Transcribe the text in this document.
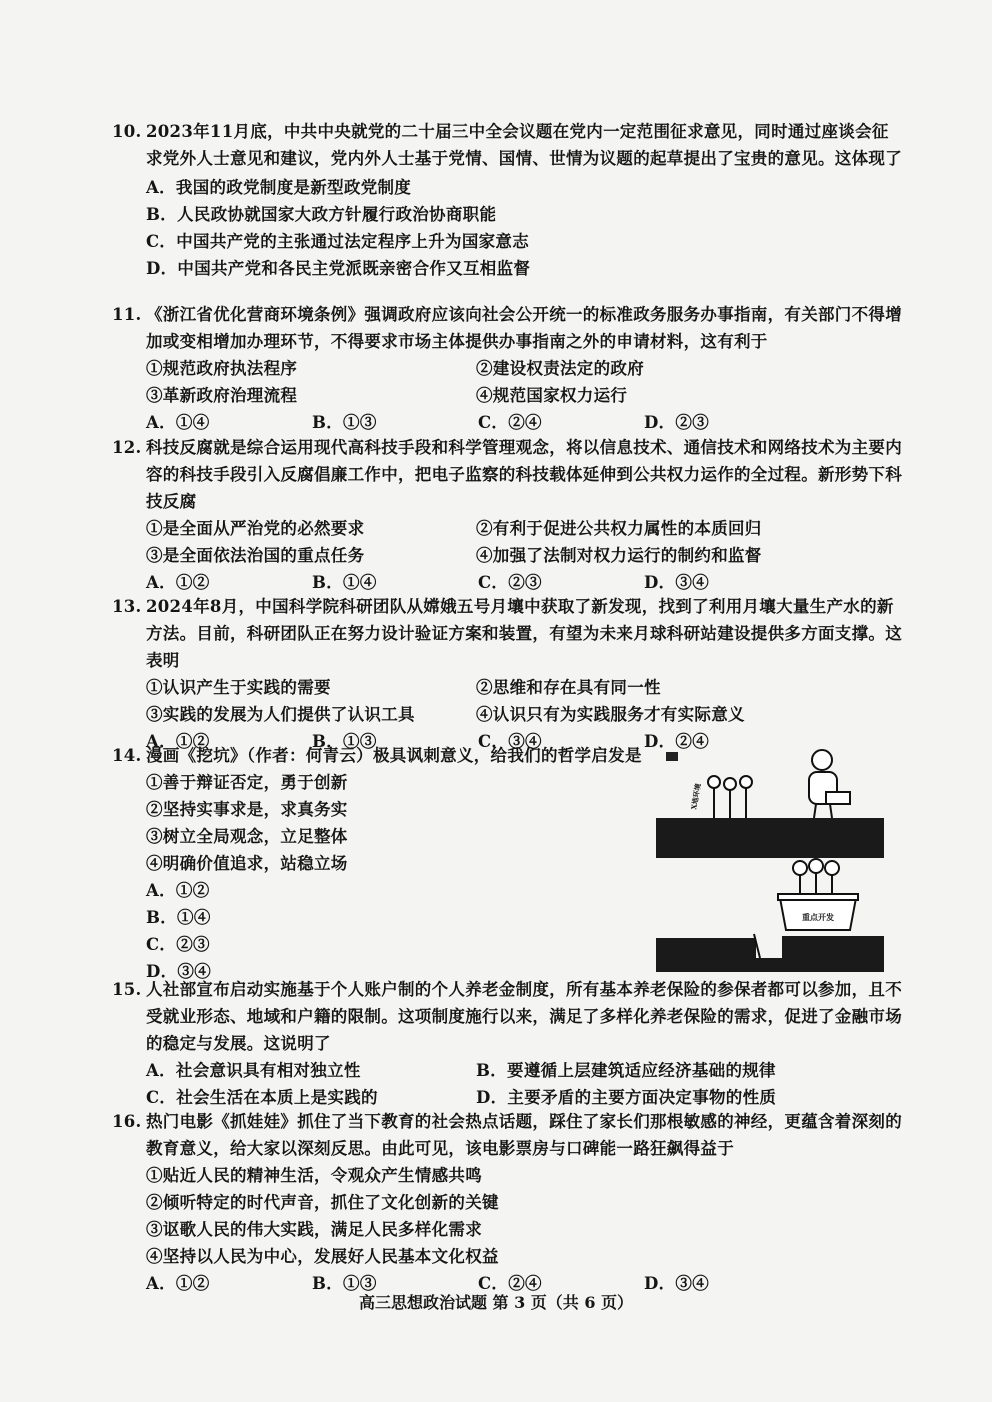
10. 2023年11月底，中共中央就党的二十届三中全会议题在党内一定范围征求意见，同时通过座谈会征求党外人士意见和建议，党内外人士基于党情、国情、世情为议题的起草提出了宝贵的意见。这体现了
A．我国的政党制度是新型政党制度
B．人民政协就国家大政方针履行政治协商职能
C．中国共产党的主张通过法定程序上升为国家意志
D．中国共产党和各民主党派既亲密合作又互相监督
11. 《浙江省优化营商环境条例》强调政府应该向社会公开统一的标准政务服务办事指南，有关部门不得增加或变相增加办理环节，不得要求市场主体提供办事指南之外的申请材料，这有利于
①规范政府执法程序	②建设权责法定的政府
③革新政府治理流程	④规范国家权力运行
A．①④	B．①③	C．②④	D．②③
12. 科技反腐就是综合运用现代高科技手段和科学管理观念，将以信息技术、通信技术和网络技术为主要内容的科技手段引入反腐倡廉工作中，把电子监察的科技载体延伸到公共权力运作的全过程。新形势下科技反腐
①是全面从严治党的必然要求	②有利于促进公共权力属性的本质回归
③是全面依法治国的重点任务	④加强了法制对权力运行的制约和监督
A．①②	B．①④	C．②③	D．③④
13. 2024年8月，中国科学院科研团队从嫦娥五号月壤中获取了新发现，找到了利用月壤大量生产水的新方法。目前，科研团队正在努力设计验证方案和装置，有望为未来月球科研站建设提供多方面支撑。这表明
①认识产生于实践的需要	②思维和存在具有同一性
③实践的发展为人们提供了认识工具	④认识只有为实践服务才有实际意义
A．①②	B．①③	C．③④	D．②④
14. 漫画《挖坑》（作者：何青云）极具讽刺意义，给我们的哲学启发是
①善于辩证否定，勇于创新
②坚持实事求是，求真务实
③树立全局观念，立足整体
④明确价值追求，站稳立场
A．①②
B．①④
C．②③
D．③④
X地环境
重点开发
15. 人社部宣布启动实施基于个人账户制的个人养老金制度，所有基本养老保险的参保者都可以参加，且不受就业形态、地域和户籍的限制。这项制度施行以来，满足了多样化养老保险的需求，促进了金融市场的稳定与发展。这说明了
A．社会意识具有相对独立性	B．要遵循上层建筑适应经济基础的规律
C．社会生活在本质上是实践的	D．主要矛盾的主要方面决定事物的性质
16. 热门电影《抓娃娃》抓住了当下教育的社会热点话题，踩住了家长们那根敏感的神经，更蕴含着深刻的教育意义，给大家以深刻反思。由此可见，该电影票房与口碑能一路狂飙得益于
①贴近人民的精神生活，令观众产生情感共鸣
②倾听特定的时代声音，抓住了文化创新的关键
③讴歌人民的伟大实践，满足人民多样化需求
④坚持以人民为中心，发展好人民基本文化权益
A．①②	B．①③	C．②④	D．③④
高三思想政治试题 第 3 页（共 6 页）
